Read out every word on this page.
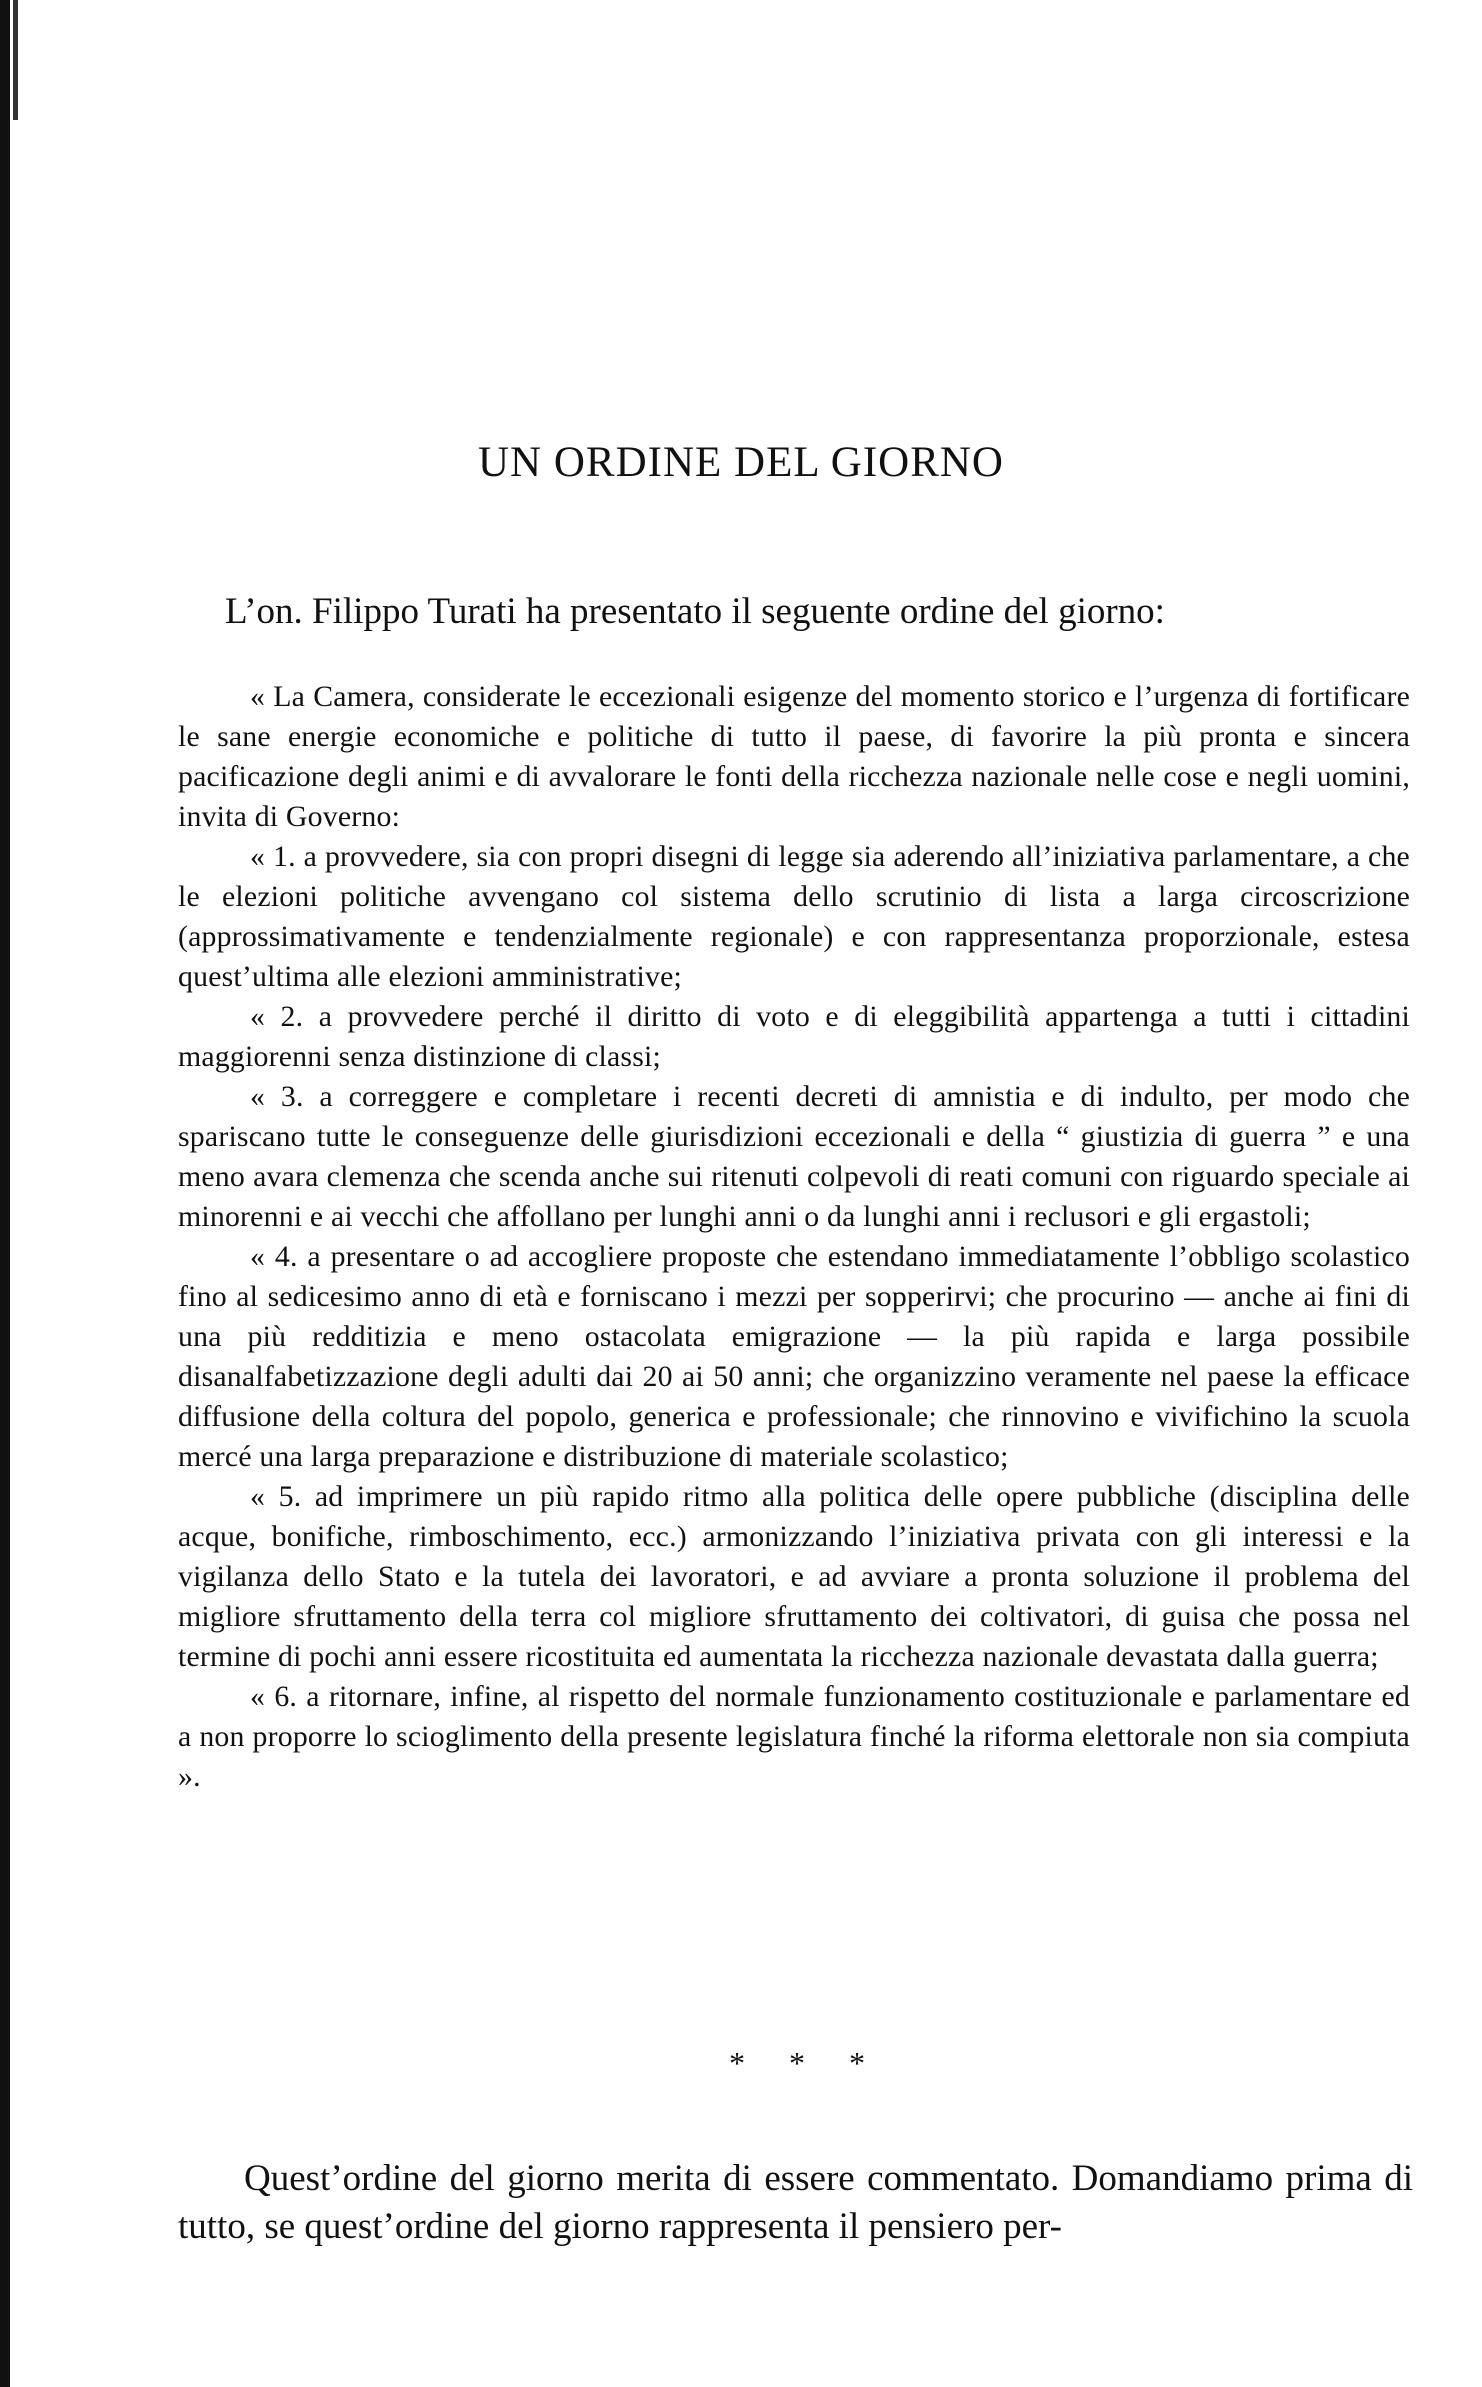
UN ORDINE DEL GIORNO

L’on. Filippo Turati ha presentato il seguente ordine del giorno:

« La Camera, considerate le eccezionali esigenze del momento storico e l’urgenza di fortificare le sane energie economiche e politiche di tutto il paese, di favorire la più pronta e sincera pacificazione degli animi e di avvalorare le fonti della ricchezza nazionale nelle cose e negli uomini, invita di Governo:

« 1. a provvedere, sia con propri disegni di legge sia aderendo all’iniziativa parlamentare, a che le elezioni politiche avvengano col sistema dello scrutinio di lista a larga circoscrizione (approssimativamente e tendenzialmente regionale) e con rappresentanza proporzionale, estesa quest’ultima alle elezioni amministrative;

« 2. a provvedere perché il diritto di voto e di eleggibilità appartenga a tutti i cittadini maggiorenni senza distinzione di classi;

« 3. a correggere e completare i recenti decreti di amnistia e di indulto, per modo che spariscano tutte le conseguenze delle giurisdizioni eccezionali e della “ giustizia di guerra ” e una meno avara clemenza che scenda anche sui ritenuti colpevoli di reati comuni con riguardo speciale ai minorenni e ai vecchi che affollano per lunghi anni o da lunghi anni i reclusori e gli ergastoli;

« 4. a presentare o ad accogliere proposte che estendano immediatamente l’obbligo scolastico fino al sedicesimo anno di età e forniscano i mezzi per sopperirvi; che procurino — anche ai fini di una più redditizia e meno ostacolata emigrazione — la più rapida e larga possibile disanalfabetizzazione degli adulti dai 20 ai 50 anni; che organizzino veramente nel paese la efficace diffusione della coltura del popolo, generica e professionale; che rinnovino e vivifichino la scuola mercé una larga preparazione e distribuzione di materiale scolastico;

« 5. ad imprimere un più rapido ritmo alla politica delle opere pubbliche (disciplina delle acque, bonifiche, rimboschimento, ecc.) armonizzando l’iniziativa privata con gli interessi e la vigilanza dello Stato e la tutela dei lavoratori, e ad avviare a pronta soluzione il problema del migliore sfruttamento della terra col migliore sfruttamento dei coltivatori, di guisa che possa nel termine di pochi anni essere ricostituita ed aumentata la ricchezza nazionale devastata dalla guerra;

« 6. a ritornare, infine, al rispetto del normale funzionamento costituzionale e parlamentare ed a non proporre lo scioglimento della presente legislatura finché la riforma elettorale non sia compiuta ».

* * *

Quest’ordine del giorno merita di essere commentato. Domandiamo prima di tutto, se quest’ordine del giorno rappresenta il pensiero per-
